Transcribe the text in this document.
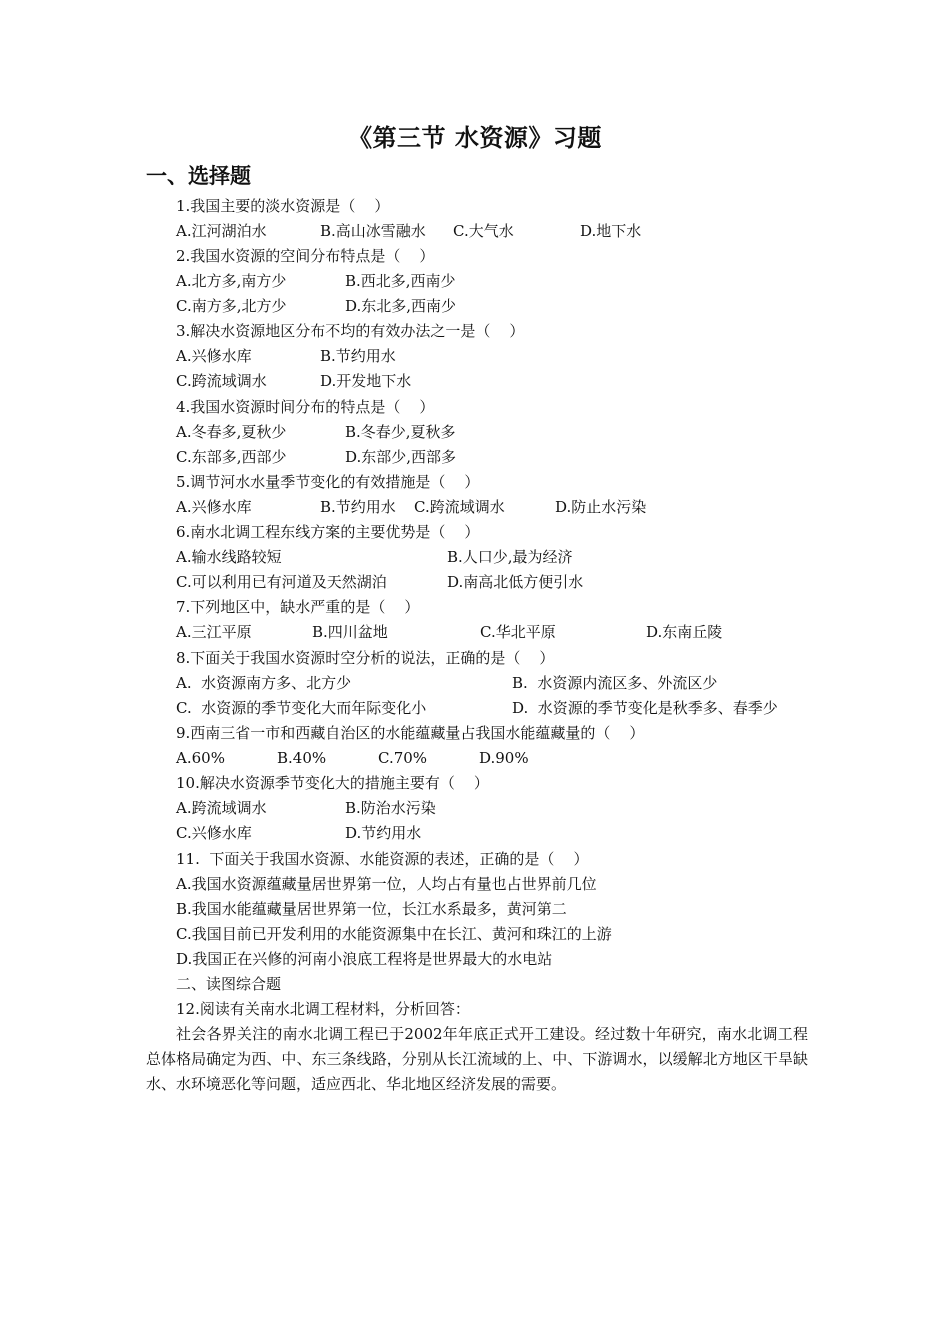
《第三节 水资源》习题
一、选择题
1.我国主要的淡水资源是（    ）
A.江河湖泊水	B.高山冰雪融水 C.大气水	D.地下水
2.我国水资源的空间分布特点是（    ）
A.北方多,南方少	B.西北多,西南少
C.南方多,北方少	D.东北多,西南少
3.解决水资源地区分布不均的有效办法之一是（    ）
A.兴修水库	B.节约用水
C.跨流域调水	D.开发地下水
4.我国水资源时间分布的特点是（    ）
A.冬春多,夏秋少	B.冬春少,夏秋多
C.东部多,西部少	D.东部少,西部多
5.调节河水水量季节变化的有效措施是（    ）
A.兴修水库	B.节约用水 C.跨流域调水	D.防止水污染
6.南水北调工程东线方案的主要优势是（    ）
A.输水线路较短	B.人口少,最为经济
C.可以利用已有河道及天然湖泊	D.南高北低方便引水
7.下列地区中，缺水严重的是（    ）
A.三江平原	B.四川盆地	C.华北平原	D.东南丘陵
8.下面关于我国水资源时空分析的说法，正确的是（    ）
A.  水资源南方多、北方少	B.  水资源内流区多、外流区少
C.  水资源的季节变化大而年际变化小	D.  水资源的季节变化是秋季多、春季少
9.西南三省一市和西藏自治区的水能蕴藏量占我国水能蕴藏量的（    ）
A.60%	B.40%	C.70%	D.90%
10.解决水资源季节变化大的措施主要有（    ）
A.跨流域调水	B.防治水污染
C.兴修水库	D.节约用水
11.  下面关于我国水资源、水能资源的表述，正确的是（    ）
A.我国水资源蕴藏量居世界第一位，人均占有量也占世界前几位
B.我国水能蕴藏量居世界第一位，长江水系最多，黄河第二
C.我国目前已开发利用的水能资源集中在长江、黄河和珠江的上游
D.我国正在兴修的河南小浪底工程将是世界最大的水电站
二、读图综合题
12.阅读有关南水北调工程材料，分析回答：
社会各界关注的南水北调工程已于2002年年底正式开工建设。经过数十年研究，南水北调工程总体格局确定为西、中、东三条线路，分别从长江流域的上、中、下游调水，以缓解北方地区干旱缺水、水环境恶化等问题，适应西北、华北地区经济发展的需要。
